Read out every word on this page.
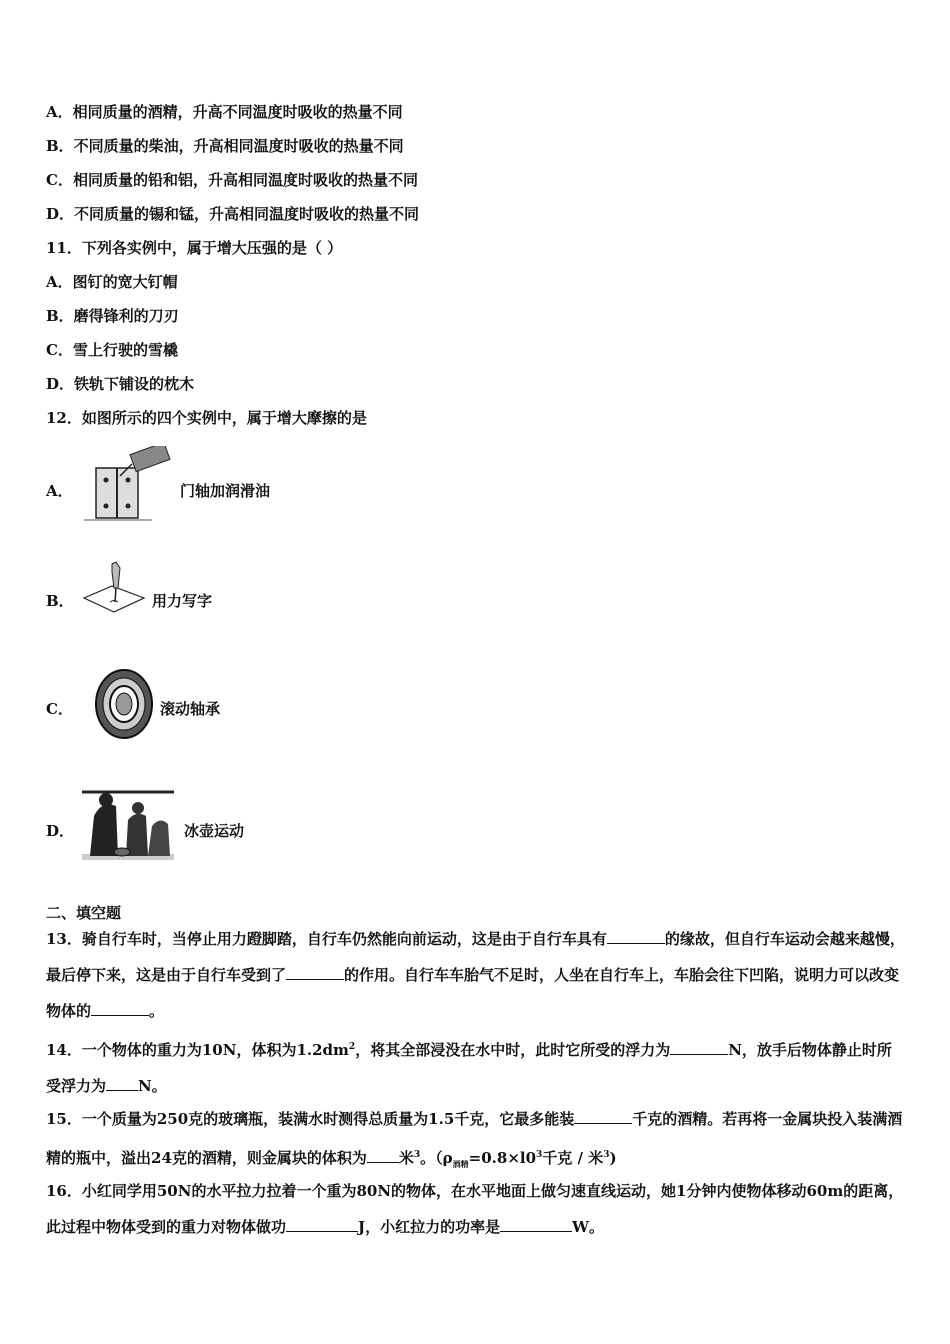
A．相同质量的酒精，升高不同温度时吸收的热量不同
B．不同质量的柴油，升高相同温度时吸收的热量不同
C．相同质量的铅和铝，升高相同温度时吸收的热量不同
D．不同质量的锡和锰，升高相同温度时吸收的热量不同
11．下列各实例中，属于增大压强的是（ ）
A．图钉的宽大钉帽
B．磨得锋利的刀刃
C．雪上行驶的雪橇
D．铁轨下铺设的枕木
12．如图所示的四个实例中，属于增大摩擦的是
A．	门轴加润滑油
B．	用力写字
C．	滚动轴承
D．	冰壶运动
二、填空题
13．骑自行车时，当停止用力蹬脚踏，自行车仍然能向前运动，这是由于自行车具有	的缘故，但自行车运动会越来越慢，最后停下来，这是由于自行车受到了	的作用。自行车车胎气不足时，人坐在自行车上，车胎会往下凹陷，说明力可以改变物体的	。
14．一个物体的重力为10N，体积为$1.2dm^2$，将其全部浸没在水中时，此时它所受的浮力为	N，放手后物体静止时所受浮力为 N。
15．一个质量为250克的玻璃瓶，装满水时测得总质量为1.5千克，它最多能装	千克的酒精。若再将一金属块投入装满酒精的瓶中，溢出24克的酒精，则金属块的体积为 米$^3$。（$\rho_{酒精}=0.8\times l0^3$千克 / 米$^3$)
16．小红同学用50N的水平拉力拉着一个重为80N的物体，在水平地面上做匀速直线运动，她1分钟内使物体移动60m的距离，此过程中物体受到的重力对物体做功	J，小红拉力的功率是	W。
